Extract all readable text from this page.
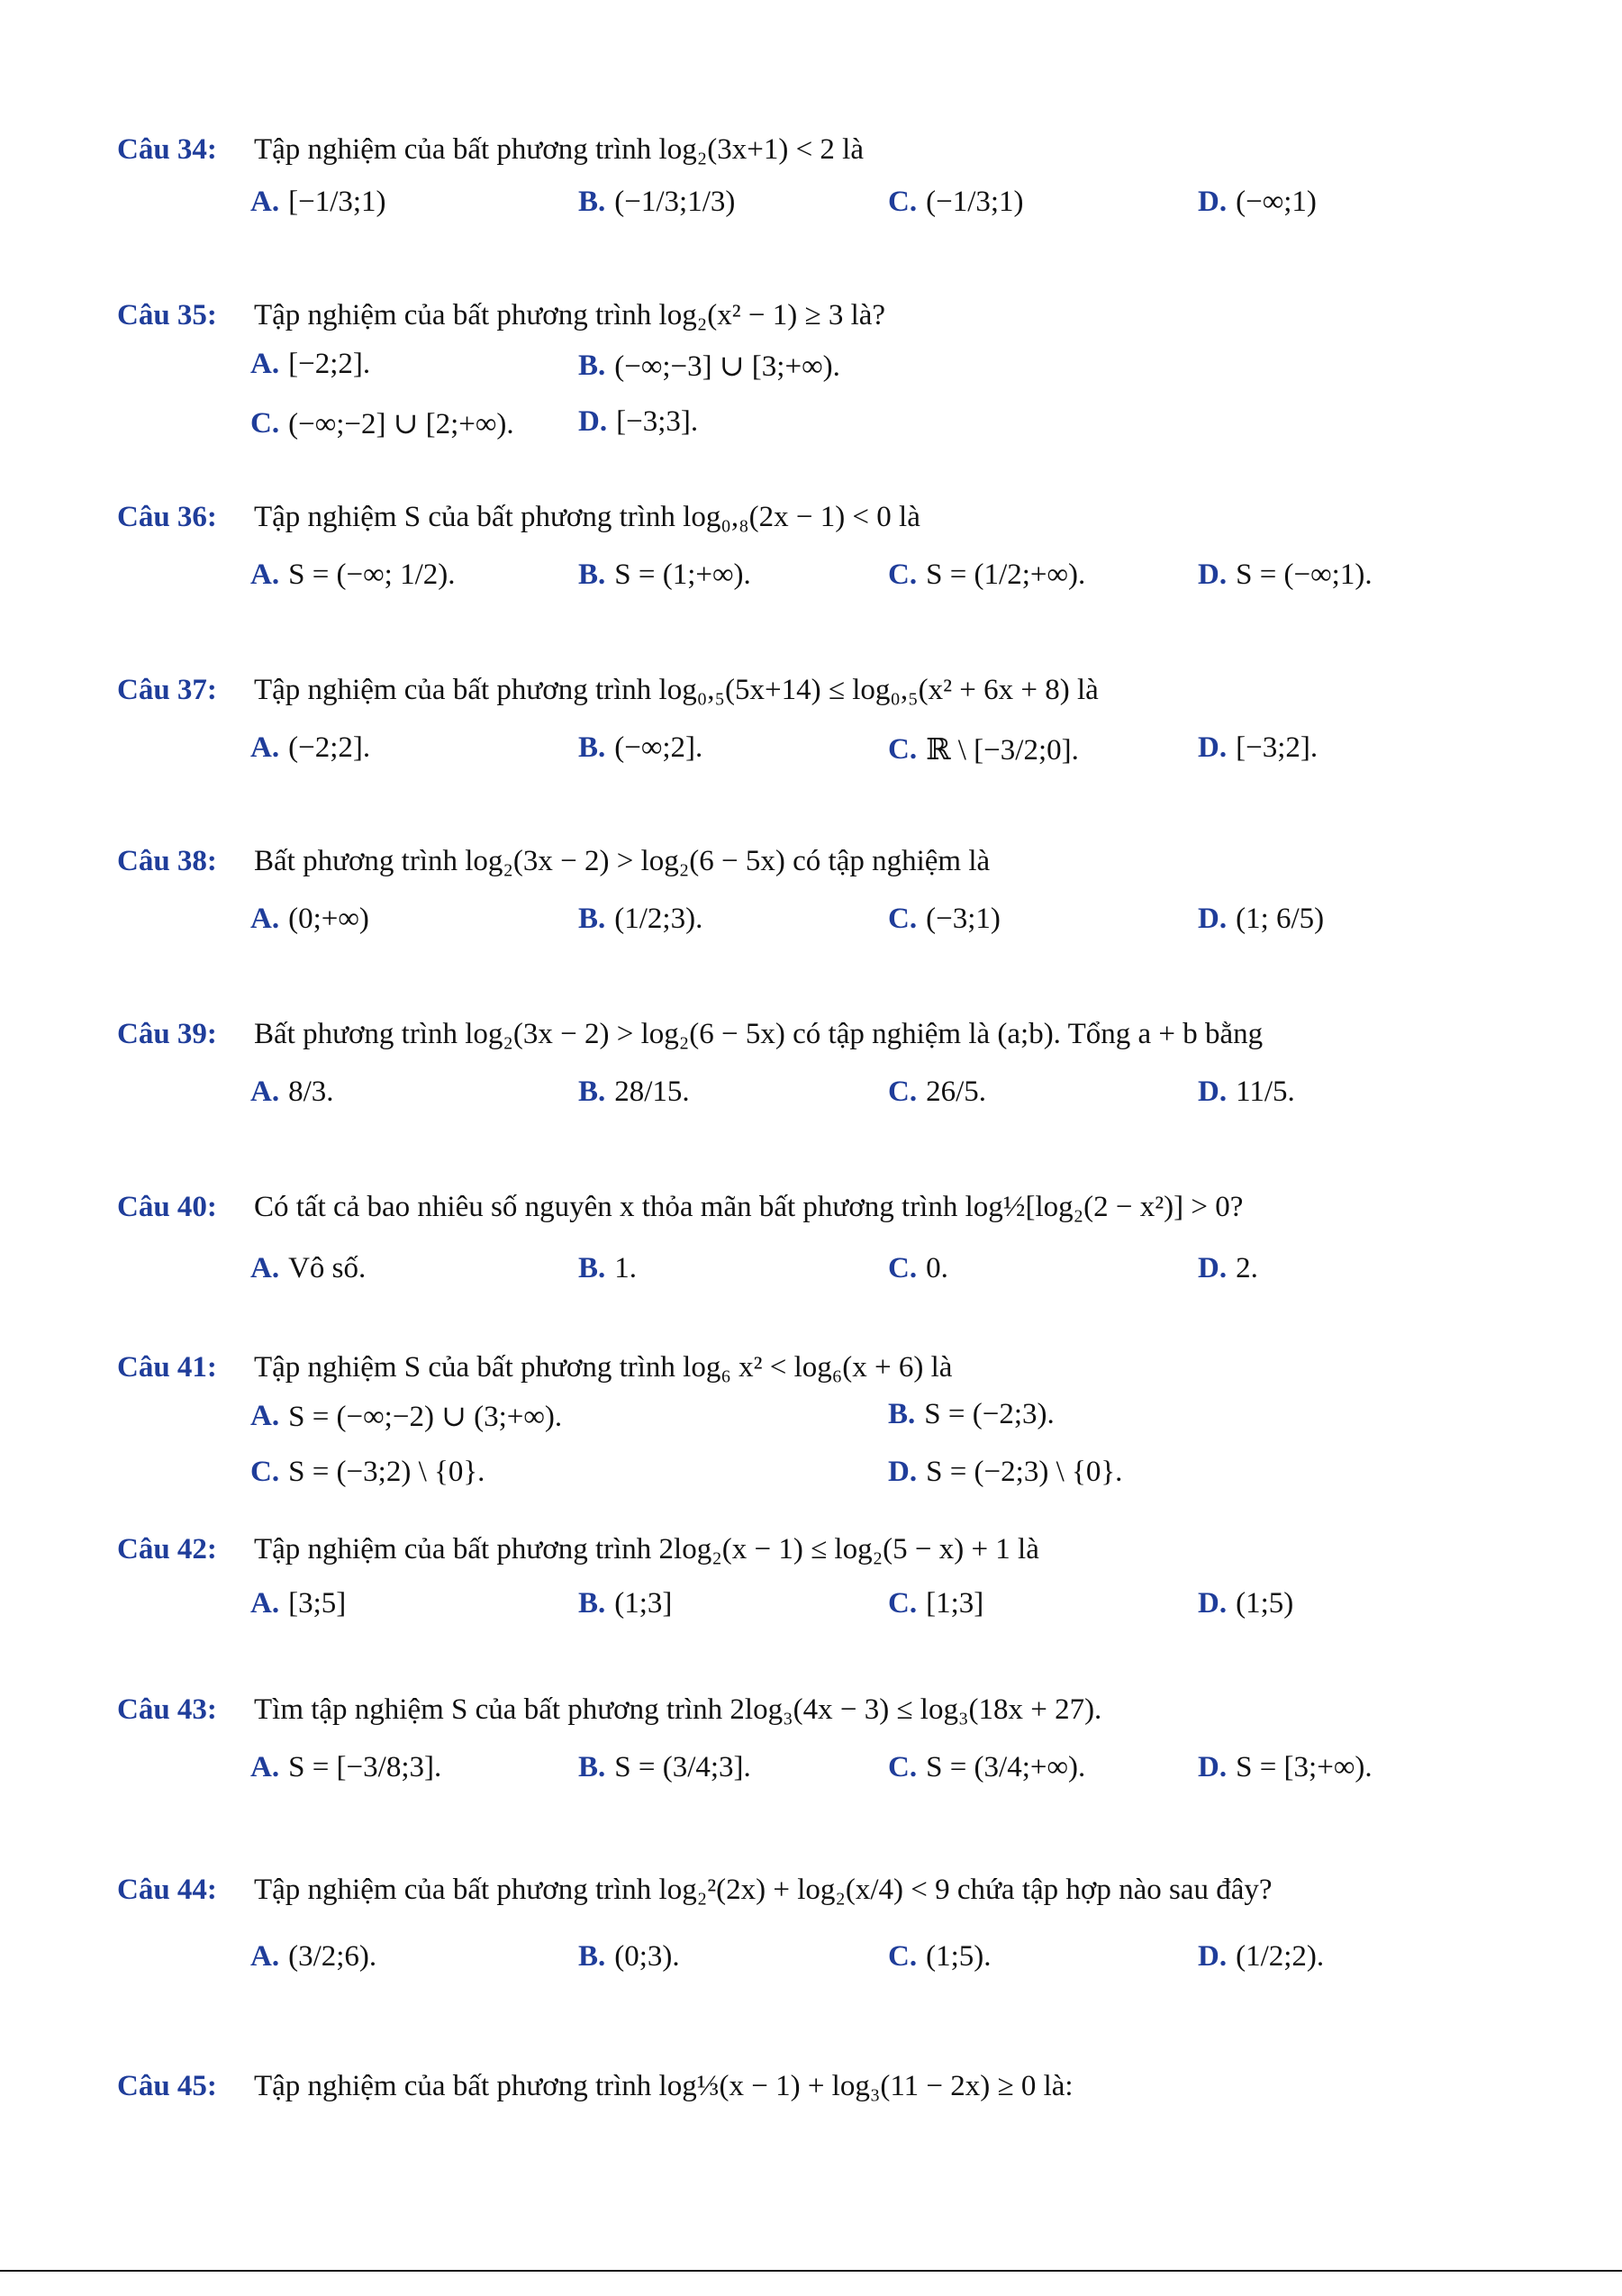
Câu 34: Tập nghiệm của bất phương trình log₂(3x+1) < 2 là
A. [−1/3;1)	B. (−1/3;1/3)	C. (−1/3;1)	D. (−∞;1)
Câu 35: Tập nghiệm của bất phương trình log₂(x² − 1) ≥ 3 là?
A. [−2;2].	B. (−∞;−3] ∪ [3;+∞).
C. (−∞;−2] ∪ [2;+∞). D. [−3;3].
Câu 36: Tập nghiệm S của bất phương trình log₀,₈(2x − 1) < 0 là
A. S = (−∞; 1/2).	B. S = (1;+∞).	C. S = (1/2;+∞).	D. S = (−∞;1).
Câu 37: Tập nghiệm của bất phương trình log₀,₅(5x+14) ≤ log₀,₅(x² + 6x + 8) là
A. (−2;2].	B. (−∞;2].	C. ℝ \ [−3/2;0].	D. [−3;2].
Câu 38: Bất phương trình log₂(3x − 2) > log₂(6 − 5x) có tập nghiệm là
A. (0;+∞)	B. (1/2;3).	C. (−3;1)	D. (1; 6/5)
Câu 39: Bất phương trình log₂(3x − 2) > log₂(6 − 5x) có tập nghiệm là (a;b). Tổng a + b bằng
A. 8/3.	B. 28/15.	C. 26/5.	D. 11/5.
Câu 40: Có tất cả bao nhiêu số nguyên x thỏa mãn bất phương trình log½[log₂(2 − x²)] > 0?
A. Vô số.	B. 1.	C. 0.	D. 2.
Câu 41: Tập nghiệm S của bất phương trình log₆ x² < log₆(x + 6) là
A. S = (−∞;−2) ∪ (3;+∞).	B. S = (−2;3).
C. S = (−3;2) \ {0}.	D. S = (−2;3) \ {0}.
Câu 42: Tập nghiệm của bất phương trình 2log₂(x − 1) ≤ log₂(5 − x) + 1 là
A. [3;5]	B. (1;3]	C. [1;3]	D. (1;5)
Câu 43: Tìm tập nghiệm S của bất phương trình 2log₃(4x − 3) ≤ log₃(18x + 27).
A. S = [−3/8;3].	B. S = (3/4;3].	C. S = (3/4;+∞).	D. S = [3;+∞).
Câu 44: Tập nghiệm của bất phương trình log₂²(2x) + log₂(x/4) < 9 chứa tập hợp nào sau đây?
A. (3/2;6).	B. (0;3).	C. (1;5).	D. (1/2;2).
Câu 45: Tập nghiệm của bất phương trình log⅓(x − 1) + log₃(11 − 2x) ≥ 0 là:
